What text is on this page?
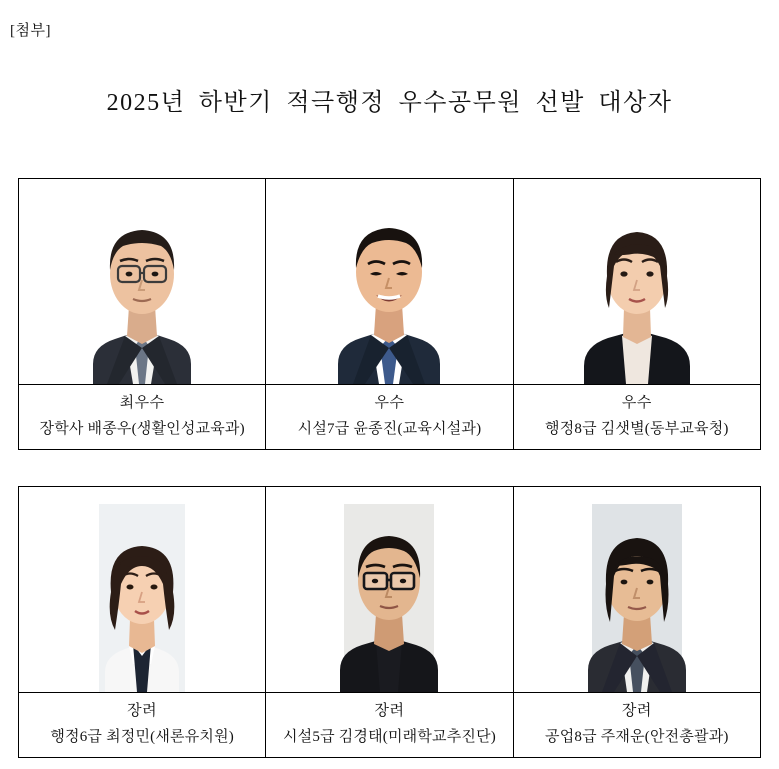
[첨부]
2025년 하반기 적극행정 우수공무원 선발 대상자
최우수
장학사 배종우(생활인성교육과)
우수
시설7급 윤종진(교육시설과)
우수
행정8급 김샛별(동부교육청)
장려
행정6급 최정민(새론유치원)
장려
시설5급 김경태(미래학교추진단)
장려
공업8급 주재운(안전총괄과)
